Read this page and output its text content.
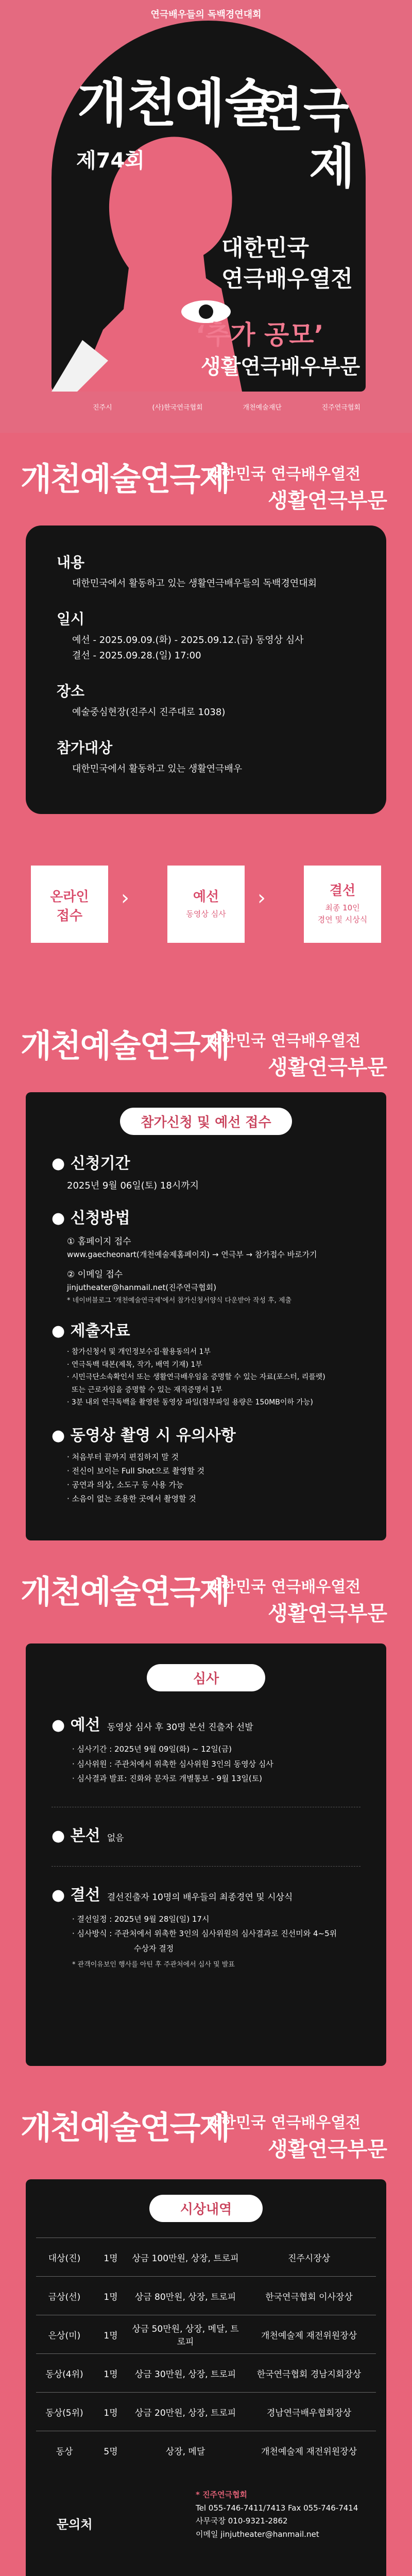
연극배우들의 독백경연대회
개천
예술
연극
제
제74회
대한민국
연극배우열전
‘추가 공모’
생활연극배우부문
진주시	(사)한국연극협회	개천예술재단	진주연극협회
개천예술연극제
대한민국 연극배우열전
생활연극부문
내용
대한민국에서 활동하고 있는 생활연극배우들의 독백경연대회
일시
예선 - 2025.09.09.(화) - 2025.09.12.(금) 동영상 심사
결선 - 2025.09.28.(일) 17:00
장소
예술중심현장(진주시 진주대로 1038)
참가대상
대한민국에서 활동하고 있는 생활연극배우
온라인
접수
›	예선
동영상 심사
›	결선
최종 10인
경연 및 시상식
개천예술연극제
대한민국 연극배우열전
생활연극부문
참가신청 및 예선 접수
● 신청기간
2025년 9월 06일(토) 18시까지
● 신청방법
① 홈페이지 접수
www.gaecheonart(개천예술제홈페이지) → 연극부 → 참가접수 바로가기
② 이메일 접수
jinjutheater@hanmail.net(진주연극협회)
* 네이버블로그 '개천예술연극제'에서 참가신청서양식 다운받아 작성 후, 제출
● 제출자료
· 참가신청서 및 개인정보수집·활용동의서 1부
· 연극독백 대본(제목, 작가, 배역 기재) 1부
· 시민극단소속확인서 또는 생활연극배우임을 증명할 수 있는 자료(포스터, 리플렛)
또는 근로자임을 증명할 수 있는 재직증명서 1부
· 3분 내외 연극독백을 촬영한 동영상 파일(첨부파일 용량은 150MB이하 가능)
● 동영상 촬영 시 유의사항
· 처음부터 끝까지 편집하지 말 것
· 전신이 보이는 Full Shot으로 촬영할 것
· 공연과 의상, 소도구 등 사용 가능
· 소음이 없는 조용한 곳에서 촬영할 것
개천예술연극제
대한민국 연극배우열전
생활연극부문
심사
● 예선 동영상 심사 후 30명 본선 진출자 선발
· 심사기간 : 2025년 9월 09일(화) ~ 12일(금)
· 심사위원 : 주관처에서 위촉한 심사위원 3인의 동영상 심사
· 심사결과 발표: 진화와 문자로 개별통보 - 9월 13일(토)
● 본선 없음
● 결선 결선진출자 10명의 배우들의 최종경연 및 시상식
· 결선일정 : 2025년 9월 28일(일) 17시
· 심사방식 : 주관처에서 위촉한 3인의 심사위원의 심사결과로 진선미와 4~5위
수상자 결정
* 관객이유보인 행사를 아틴 후 주관처에서 심사 및 발표
개천예술연극제
대한민국 연극배우열전
생활연극부문
시상내역
대상(진)	1명	상금 100만원, 상장, 트로피	진주시장상
금상(선)	1명	상금 80만원, 상장, 트로피	한국연극협회 이사장상
은상(미)	1명	상금 50만원, 상장, 메달, 트로피	개천예술제 재전위원장상
동상(4위)	1명	상금 30만원, 상장, 트로피	한국연극협회 경남지회장상
동상(5위)	1명	상금 20만원, 상장, 트로피	경남연극배우협회장상
동상	5명	상장, 메달	개천예술제 재전위원장상

문의처
* 진주연극협회
Tel 055-746-7411/7413 Fax 055-746-7414
사무국장 010-9321-2862
이메일 jinjutheater@hanmail.net
